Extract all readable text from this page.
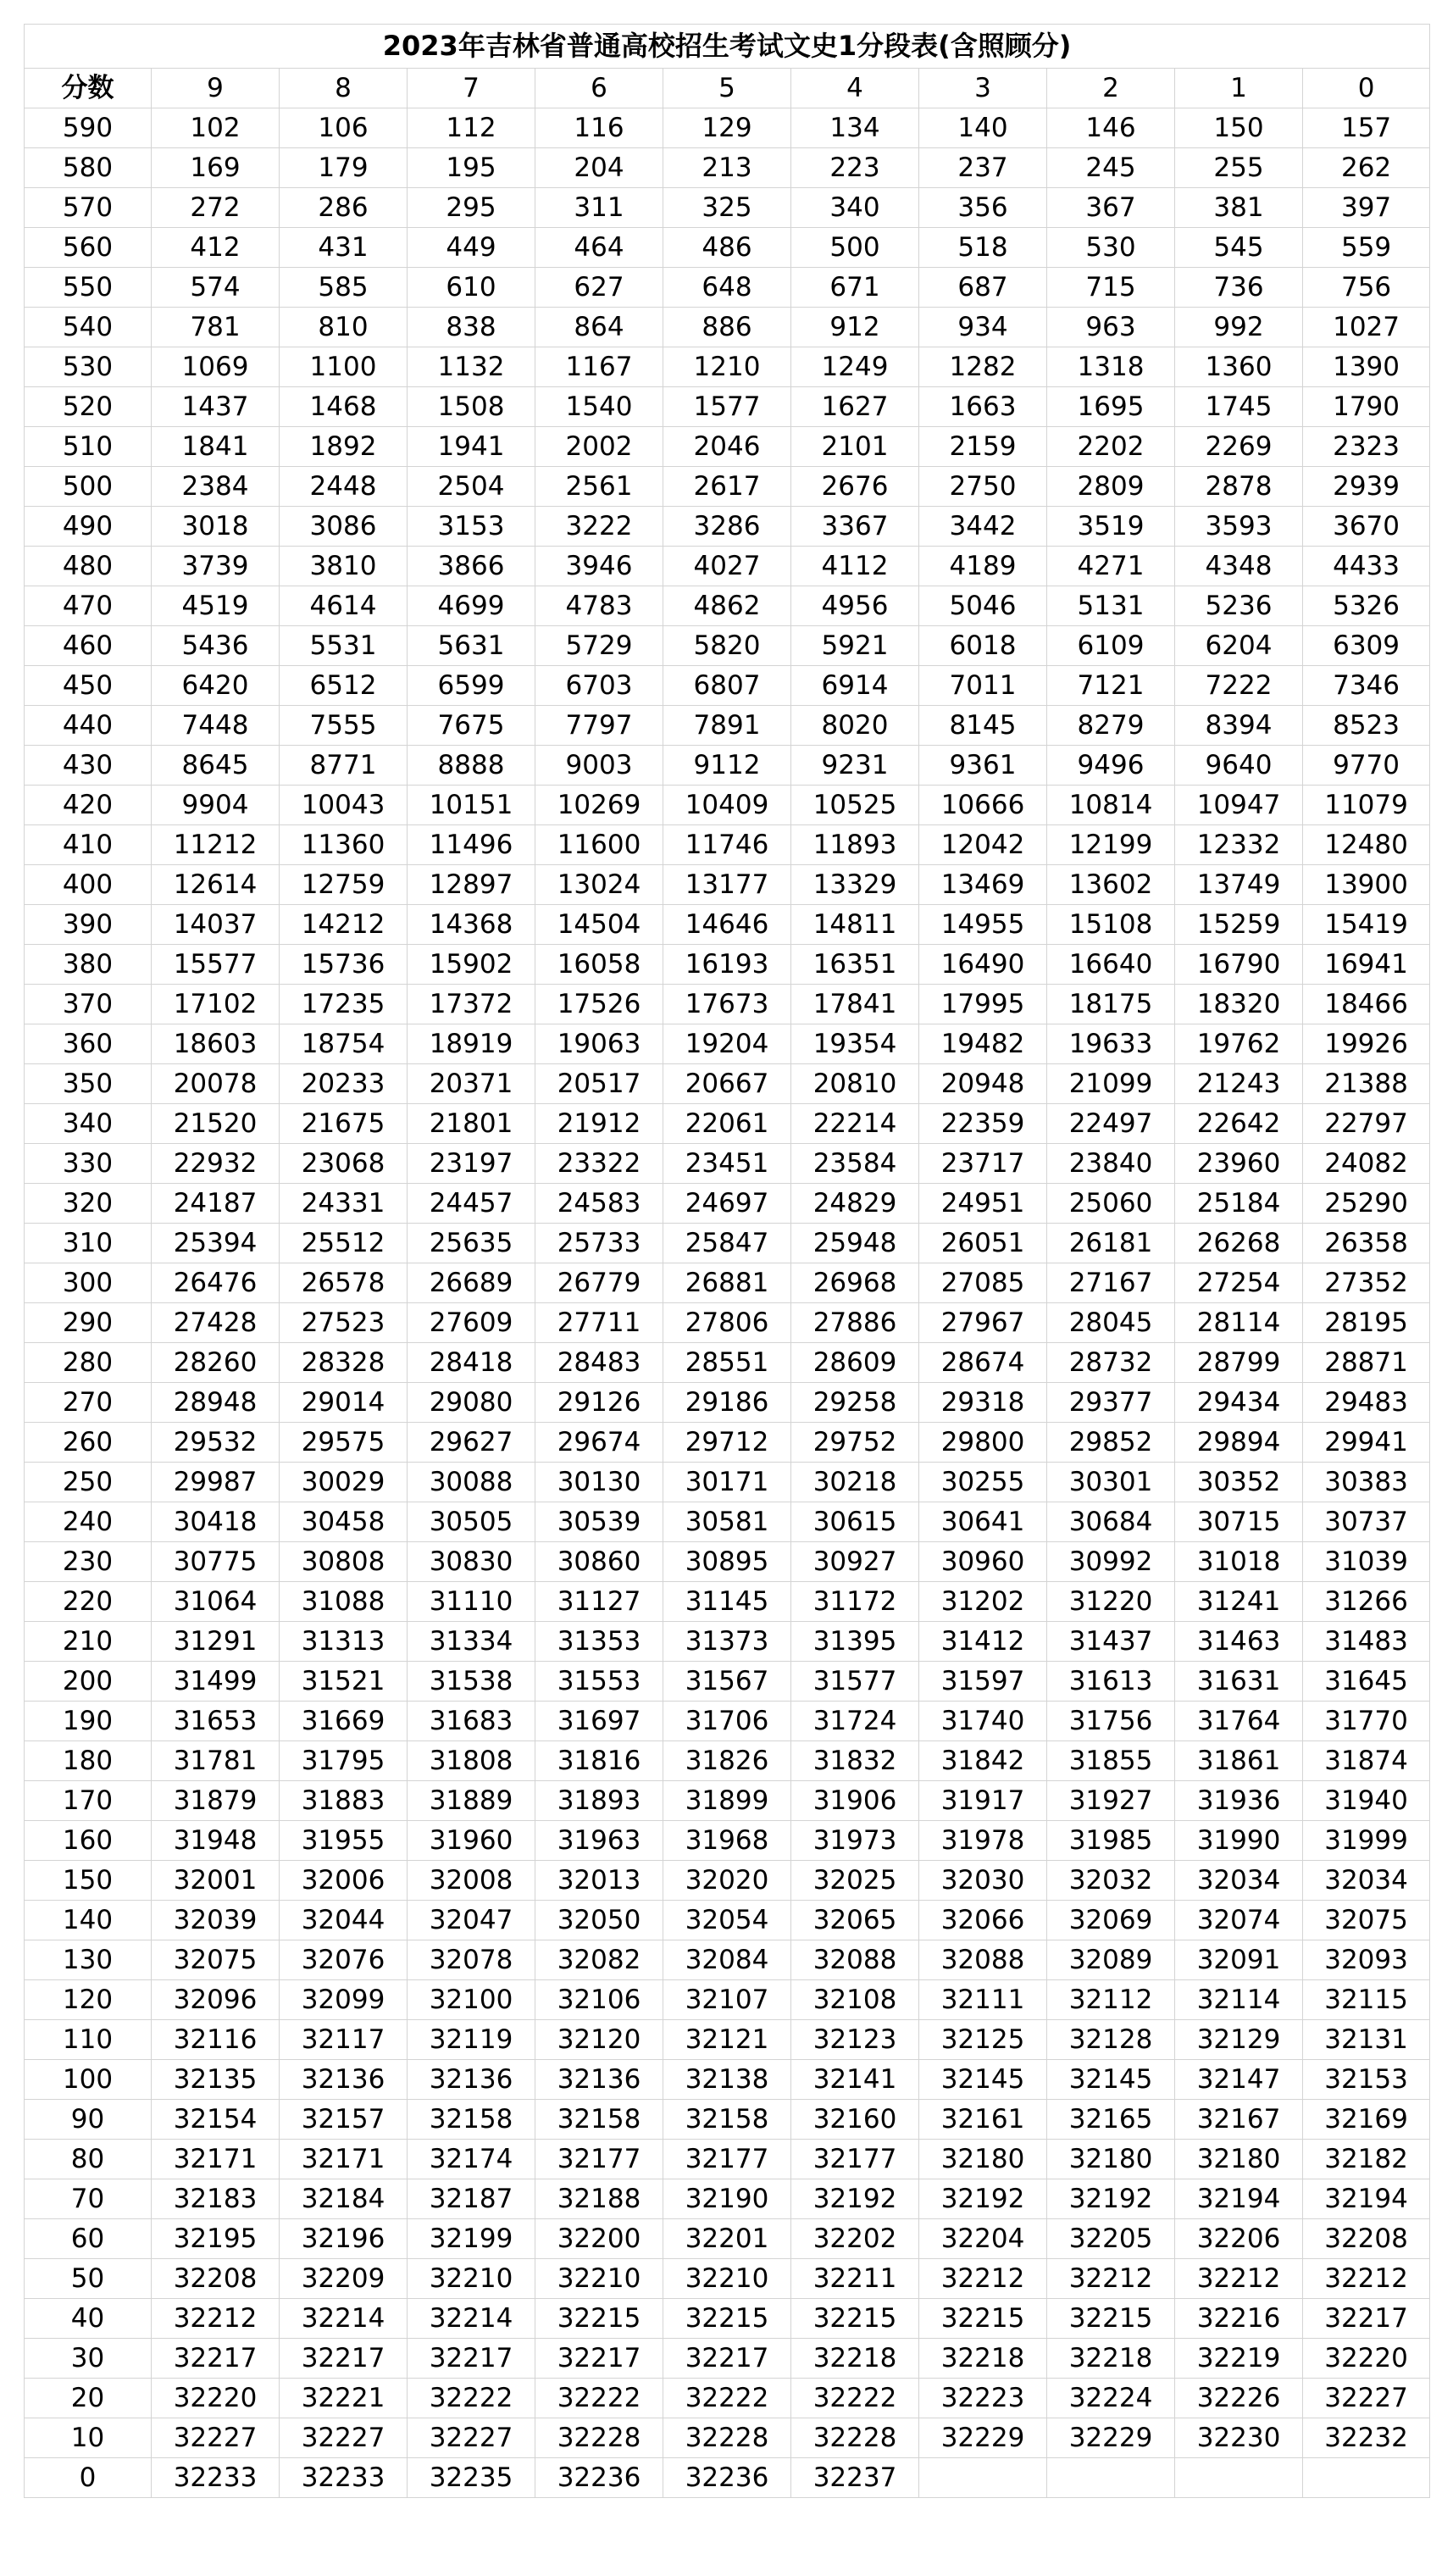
2023年吉林省普通高校招生考试文史1分段表(含照顾分)										
分数	9	8	7	6	5	4	3	2	1	0
590	102	106	112	116	129	134	140	146	150	157
580	169	179	195	204	213	223	237	245	255	262
570	272	286	295	311	325	340	356	367	381	397
560	412	431	449	464	486	500	518	530	545	559
550	574	585	610	627	648	671	687	715	736	756
540	781	810	838	864	886	912	934	963	992	1027
530	1069	1100	1132	1167	1210	1249	1282	1318	1360	1390
520	1437	1468	1508	1540	1577	1627	1663	1695	1745	1790
510	1841	1892	1941	2002	2046	2101	2159	2202	2269	2323
500	2384	2448	2504	2561	2617	2676	2750	2809	2878	2939
490	3018	3086	3153	3222	3286	3367	3442	3519	3593	3670
480	3739	3810	3866	3946	4027	4112	4189	4271	4348	4433
470	4519	4614	4699	4783	4862	4956	5046	5131	5236	5326
460	5436	5531	5631	5729	5820	5921	6018	6109	6204	6309
450	6420	6512	6599	6703	6807	6914	7011	7121	7222	7346
440	7448	7555	7675	7797	7891	8020	8145	8279	8394	8523
430	8645	8771	8888	9003	9112	9231	9361	9496	9640	9770
420	9904	10043	10151	10269	10409	10525	10666	10814	10947	11079
410	11212	11360	11496	11600	11746	11893	12042	12199	12332	12480
400	12614	12759	12897	13024	13177	13329	13469	13602	13749	13900
390	14037	14212	14368	14504	14646	14811	14955	15108	15259	15419
380	15577	15736	15902	16058	16193	16351	16490	16640	16790	16941
370	17102	17235	17372	17526	17673	17841	17995	18175	18320	18466
360	18603	18754	18919	19063	19204	19354	19482	19633	19762	19926
350	20078	20233	20371	20517	20667	20810	20948	21099	21243	21388
340	21520	21675	21801	21912	22061	22214	22359	22497	22642	22797
330	22932	23068	23197	23322	23451	23584	23717	23840	23960	24082
320	24187	24331	24457	24583	24697	24829	24951	25060	25184	25290
310	25394	25512	25635	25733	25847	25948	26051	26181	26268	26358
300	26476	26578	26689	26779	26881	26968	27085	27167	27254	27352
290	27428	27523	27609	27711	27806	27886	27967	28045	28114	28195
280	28260	28328	28418	28483	28551	28609	28674	28732	28799	28871
270	28948	29014	29080	29126	29186	29258	29318	29377	29434	29483
260	29532	29575	29627	29674	29712	29752	29800	29852	29894	29941
250	29987	30029	30088	30130	30171	30218	30255	30301	30352	30383
240	30418	30458	30505	30539	30581	30615	30641	30684	30715	30737
230	30775	30808	30830	30860	30895	30927	30960	30992	31018	31039
220	31064	31088	31110	31127	31145	31172	31202	31220	31241	31266
210	31291	31313	31334	31353	31373	31395	31412	31437	31463	31483
200	31499	31521	31538	31553	31567	31577	31597	31613	31631	31645
190	31653	31669	31683	31697	31706	31724	31740	31756	31764	31770
180	31781	31795	31808	31816	31826	31832	31842	31855	31861	31874
170	31879	31883	31889	31893	31899	31906	31917	31927	31936	31940
160	31948	31955	31960	31963	31968	31973	31978	31985	31990	31999
150	32001	32006	32008	32013	32020	32025	32030	32032	32034	32034
140	32039	32044	32047	32050	32054	32065	32066	32069	32074	32075
130	32075	32076	32078	32082	32084	32088	32088	32089	32091	32093
120	32096	32099	32100	32106	32107	32108	32111	32112	32114	32115
110	32116	32117	32119	32120	32121	32123	32125	32128	32129	32131
100	32135	32136	32136	32136	32138	32141	32145	32145	32147	32153
90	32154	32157	32158	32158	32158	32160	32161	32165	32167	32169
80	32171	32171	32174	32177	32177	32177	32180	32180	32180	32182
70	32183	32184	32187	32188	32190	32192	32192	32192	32194	32194
60	32195	32196	32199	32200	32201	32202	32204	32205	32206	32208
50	32208	32209	32210	32210	32210	32211	32212	32212	32212	32212
40	32212	32214	32214	32215	32215	32215	32215	32215	32216	32217
30	32217	32217	32217	32217	32217	32218	32218	32218	32219	32220
20	32220	32221	32222	32222	32222	32222	32223	32224	32226	32227
10	32227	32227	32227	32228	32228	32228	32229	32229	32230	32232
0	32233	32233	32235	32236	32236	32237				
